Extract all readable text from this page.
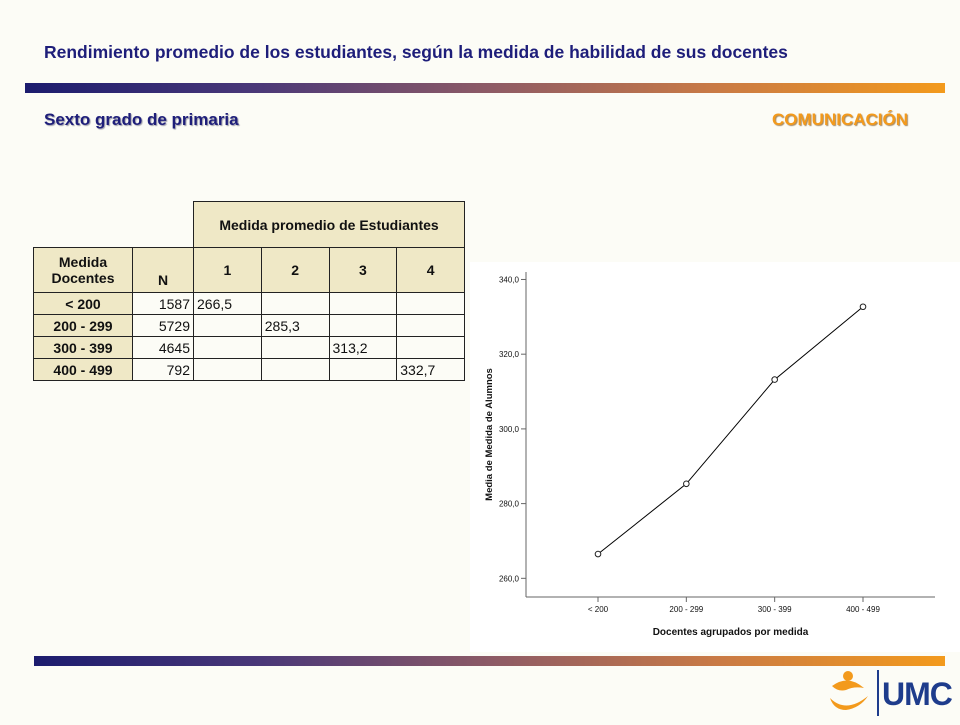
Rendimiento promedio de los estudiantes, según la medida de habilidad de sus docentes
Sexto grado de primaria	COMUNICACIÓN
		Medida promedio de Estudiantes			
Medida Docentes	N	1	2	3	4
< 200	1587	266,5			
200 - 299	5729		285,3		
300 - 399	4645			313,2	
400 - 499	792				332,7
260,0
280,0
300,0
320,0
340,0
< 200	200 - 299	300 - 399	400 - 499
Docentes agrupados por medida
Media de Medida de Alumnos
UMC
